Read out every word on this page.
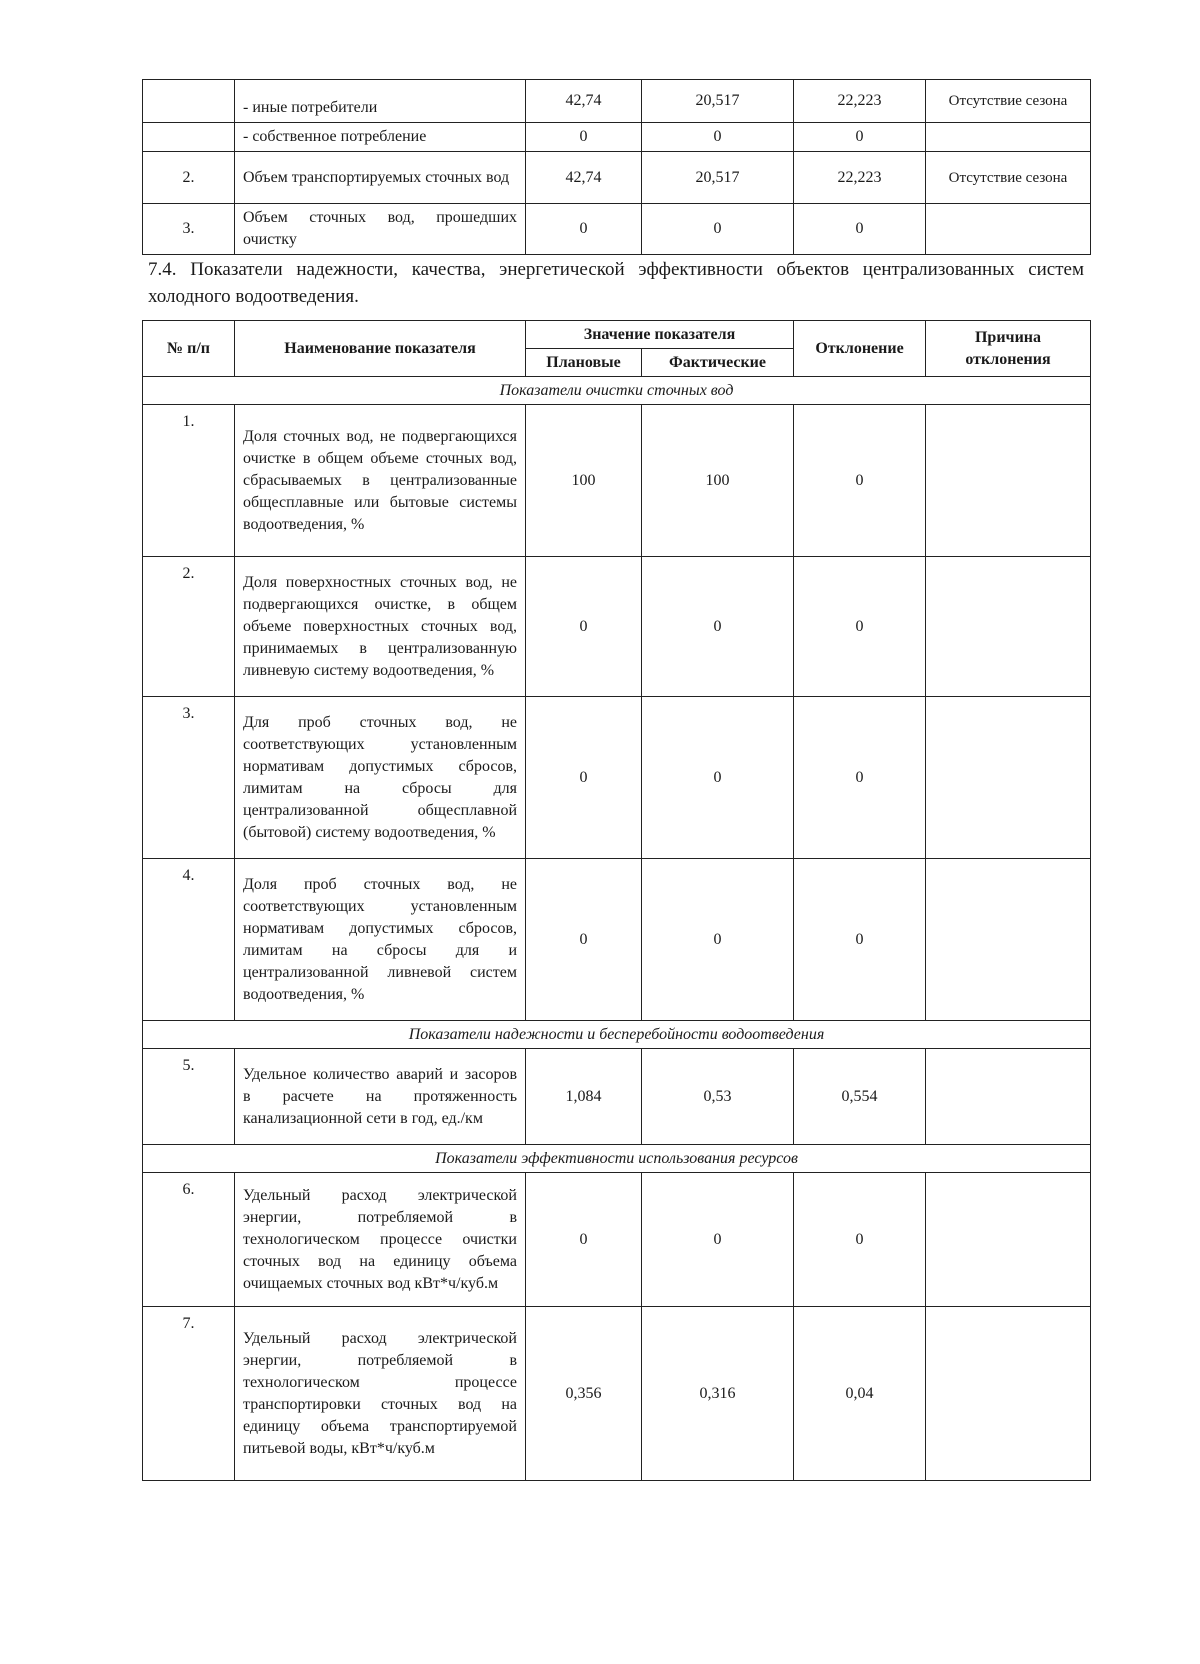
	- иные потребители	42,74	20,517	22,223	Отсутствие сезона
	- собственное потребление	0	0	0	
2.	Объем транспортируемых сточных вод	42,74	20,517	22,223	Отсутствие сезона
3.	Объем сточных вод, прошедших очистку	0	0	0	
7.4. Показатели надежности, качества, энергетической эффективности объектов централизованных систем холодного водоотведения.
№ п/п	Наименование показателя	Значение показателя		Отклонение	Причина отклонения
		Плановые	Фактические		
Показатели очистки сточных вод					
1.	Доля сточных вод, не подвергающихся очистке в общем объеме сточных вод, сбрасываемых в централизованные общесплавные или бытовые системы водоотведения, %	100	100	0	
2.	Доля поверхностных сточных вод, не подвергающихся очистке, в общем объеме поверхностных сточных вод, принимаемых в централизованную ливневую систему водоотведения, %	0	0	0	
3.	Для проб сточных вод, не соответствующих установленным нормативам допустимых сбросов, лимитам на сбросы для централизованной общесплавной (бытовой) систему водоотведения, %	0	0	0	
4.	Доля проб сточных вод, не соответствующих установленным нормативам допустимых сбросов, лимитам на сбросы для и централизованной ливневой систем водоотведения, %	0	0	0	
Показатели надежности и бесперебойности водоотведения					
5.	Удельное количество аварий и засоров в расчете на протяженность канализационной сети в год, ед./км	1,084	0,53	0,554	
Показатели эффективности использования ресурсов					
6.	Удельный расход электрической энергии, потребляемой в технологическом процессе очистки сточных вод на единицу объема очищаемых сточных вод кВт*ч/куб.м	0	0	0	
7.	Удельный расход электрической энергии, потребляемой в технологическом процессе транспортировки сточных вод на единицу объема транспортируемой питьевой воды, кВт*ч/куб.м	0,356	0,316	0,04	
